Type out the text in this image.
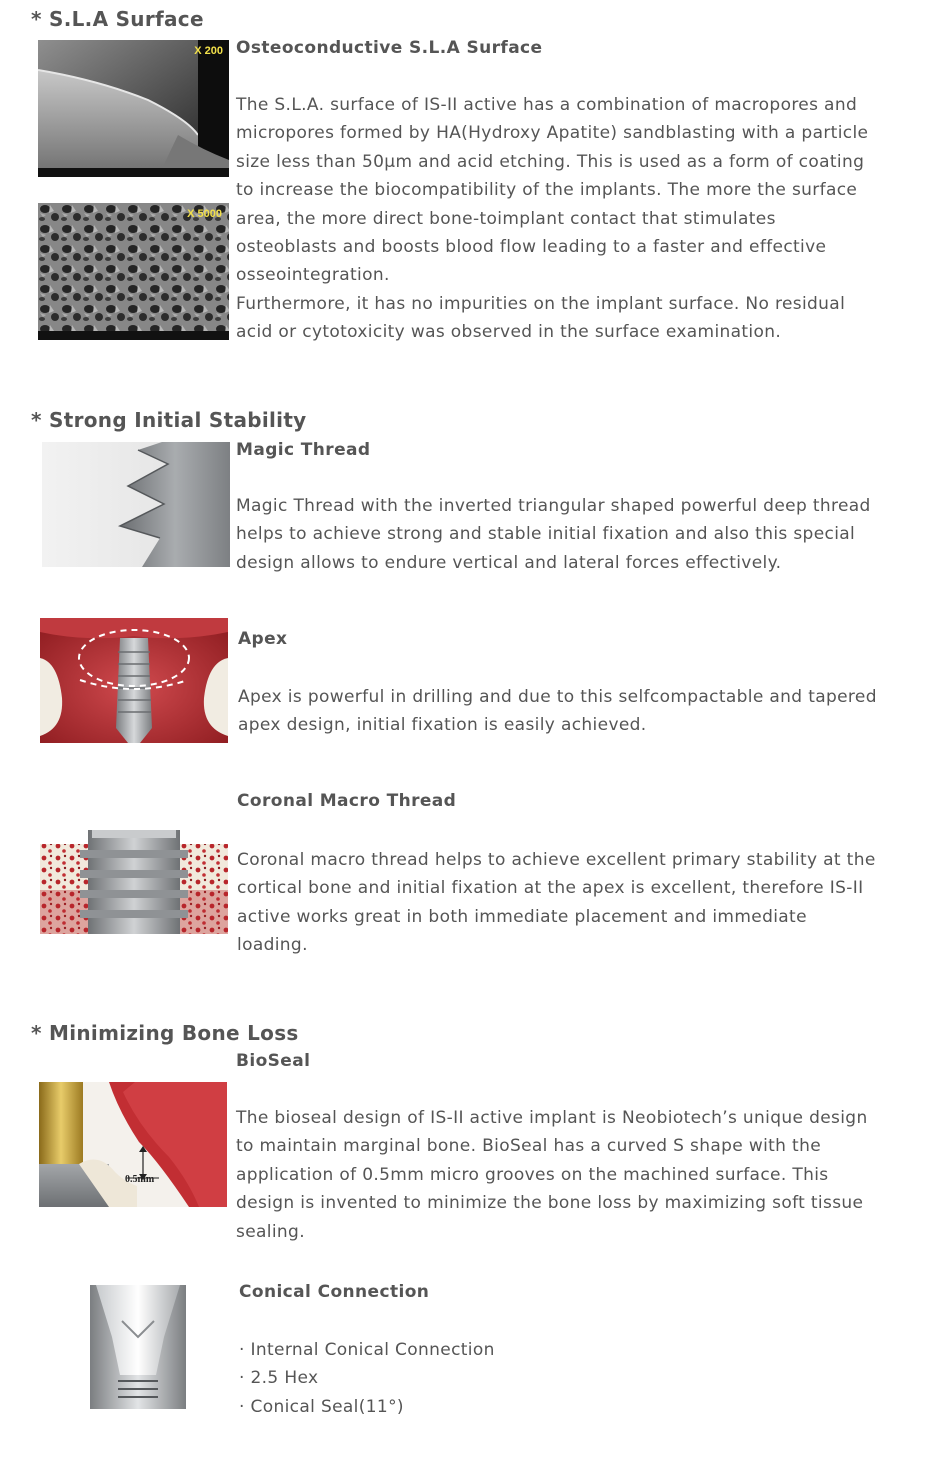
* S.L.A Surface
X 200
X 5000
Osteoconductive S.L.A Surface
The S.L.A. surface of IS-II active has a combination of macropores and
micropores formed by HA(Hydroxy Apatite) sandblasting with a particle
size less than 50μm and acid etching. This is used as a form of coating
to increase the biocompatibility of the implants. The more the surface
area, the more direct bone-toimplant contact that stimulates
osteoblasts and boosts blood flow leading to a faster and effective
osseointegration.
Furthermore, it has no impurities on the implant surface. No residual
acid or cytotoxicity was observed in the surface examination.
* Strong Initial Stability
Magic Thread
Magic Thread with the inverted triangular shaped powerful deep thread
helps to achieve strong and stable initial fixation and also this special
design allows to endure vertical and lateral forces effectively.
Apex
Apex is powerful in drilling and due to this selfcompactable and tapered
apex design, initial fixation is easily achieved.
Coronal Macro Thread
Coronal macro thread helps to achieve excellent primary stability at the
cortical bone and initial fixation at the apex is excellent, therefore IS-II
active works great in both immediate placement and immediate
loading.
* Minimizing Bone Loss
0.5mm
BioSeal
The bioseal design of IS-II active implant is Neobiotech’s unique design
to maintain marginal bone. BioSeal has a curved S shape with the
application of 0.5mm micro grooves on the machined surface. This
design is invented to minimize the bone loss by maximizing soft tissue
sealing.
Conical Connection
· Internal Conical Connection
· 2.5 Hex
· Conical Seal(11°)
